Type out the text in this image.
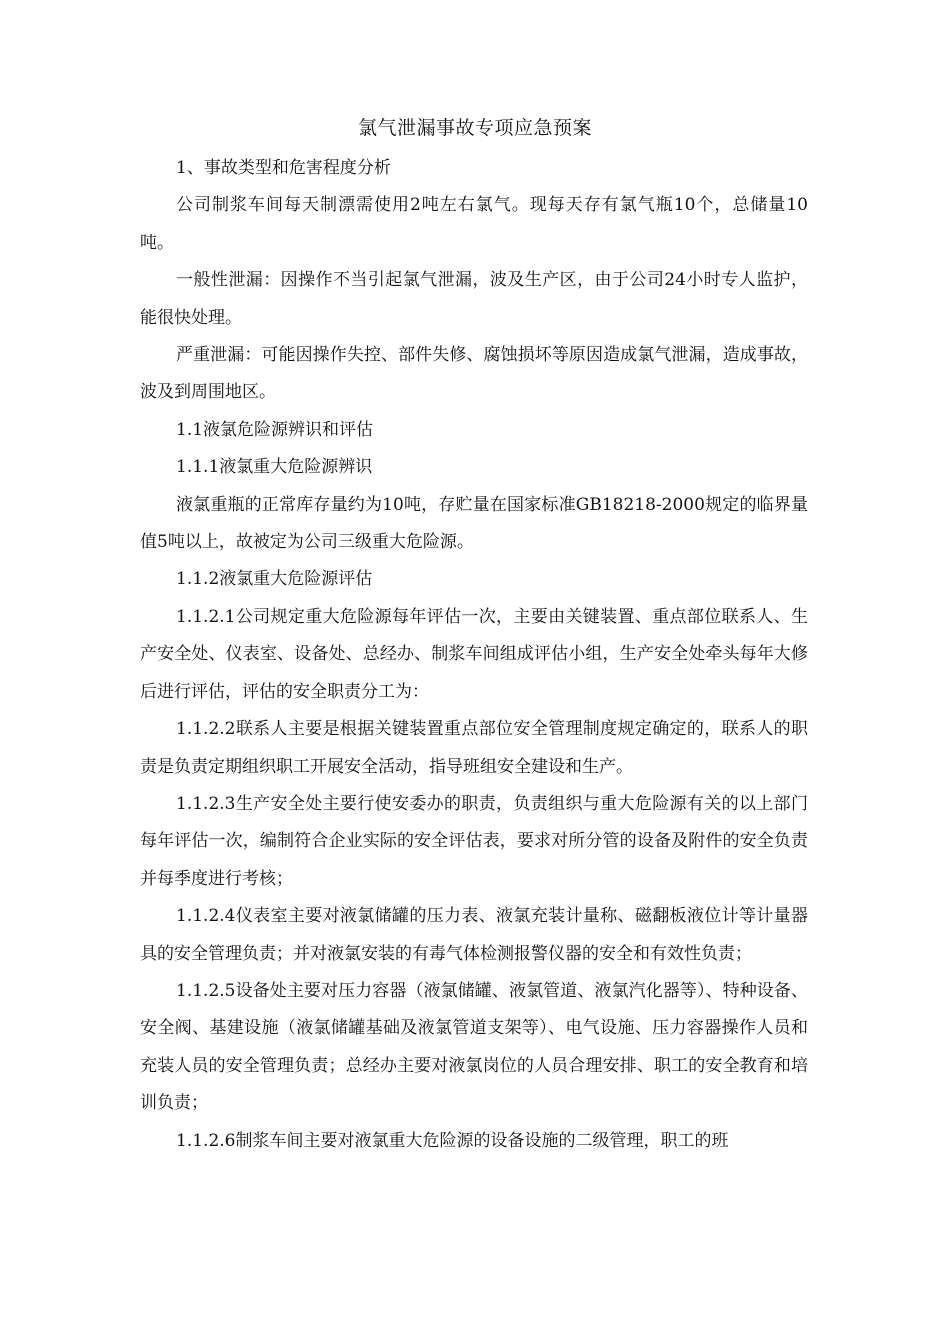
氯气泄漏事故专项应急预案

1、事故类型和危害程度分析

公司制浆车间每天制漂需使用2吨左右氯气。现每天存有氯气瓶10个，总储量10吨。

一般性泄漏：因操作不当引起氯气泄漏，波及生产区，由于公司24小时专人监护，能很快处理。

严重泄漏：可能因操作失控、部件失修、腐蚀损坏等原因造成氯气泄漏，造成事故，波及到周围地区。

1.1液氯危险源辨识和评估

1.1.1液氯重大危险源辨识

液氯重瓶的正常库存量约为10吨，存贮量在国家标准GB18218-2000规定的临界量值5吨以上，故被定为公司三级重大危险源。

1.1.2液氯重大危险源评估

1.1.2.1公司规定重大危险源每年评估一次，主要由关键装置、重点部位联系人、生产安全处、仪表室、设备处、总经办、制浆车间组成评估小组，生产安全处牵头每年大修后进行评估，评估的安全职责分工为：

1.1.2.2联系人主要是根据关键装置重点部位安全管理制度规定确定的，联系人的职责是负责定期组织职工开展安全活动，指导班组安全建设和生产。

1.1.2.3生产安全处主要行使安委办的职责，负责组织与重大危险源有关的以上部门每年评估一次，编制符合企业实际的安全评估表，要求对所分管的设备及附件的安全负责并每季度进行考核；

1.1.2.4仪表室主要对液氯储罐的压力表、液氯充装计量称、磁翻板液位计等计量器具的安全管理负责；并对液氯安装的有毒气体检测报警仪器的安全和有效性负责；

1.1.2.5设备处主要对压力容器（液氯储罐、液氯管道、液氯汽化器等）、特种设备、安全阀、基建设施（液氯储罐基础及液氯管道支架等）、电气设施、压力容器操作人员和充装人员的安全管理负责；总经办主要对液氯岗位的人员合理安排、职工的安全教育和培训负责；

1.1.2.6制浆车间主要对液氯重大危险源的设备设施的二级管理，职工的班
